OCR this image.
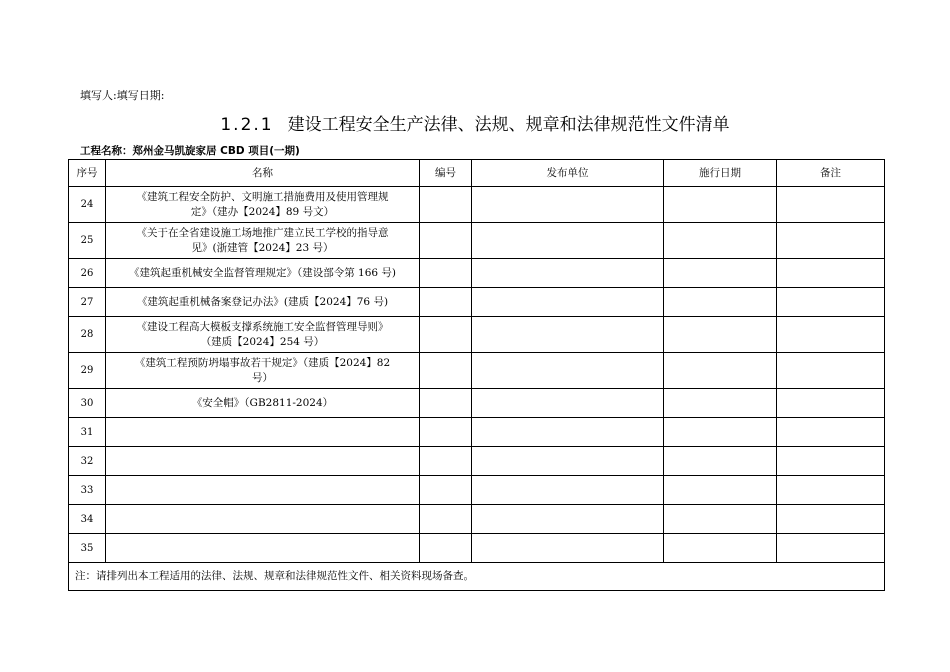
填写人:填写日期:
1.2.1 建设工程安全生产法律、法规、规章和法律规范性文件清单
工程名称：郑州金马凯旋家居 CBD 项目(一期)
序号	名称	编号	发布单位	施行日期	备注
24	《建筑工程安全防护、文明施工措施费用及使用管理规
定》（建办【2024】89 号文）				

25	《关于在全省建设施工场地推广建立民工学校的指导意
见》(浙建管【2024】23 号）				

26	《建筑起重机械安全监督管理规定》（建设部令第 166 号)				

27	《建筑起重机械备案登记办法》(建质【2024】76 号)				

28	《建设工程高大模板支撑系统施工安全监督管理导则》
（建质【2024】254 号）				

29	《建筑工程预防坍塌事故若干规定》（建质【2024】82
号）				

30	《安全帽》（GB2811-2024）				

31					
32					
33					
34					
35					
注：请排列出本工程适用的法律、法规、规章和法律规范性文件、相关资料现场备查。					
